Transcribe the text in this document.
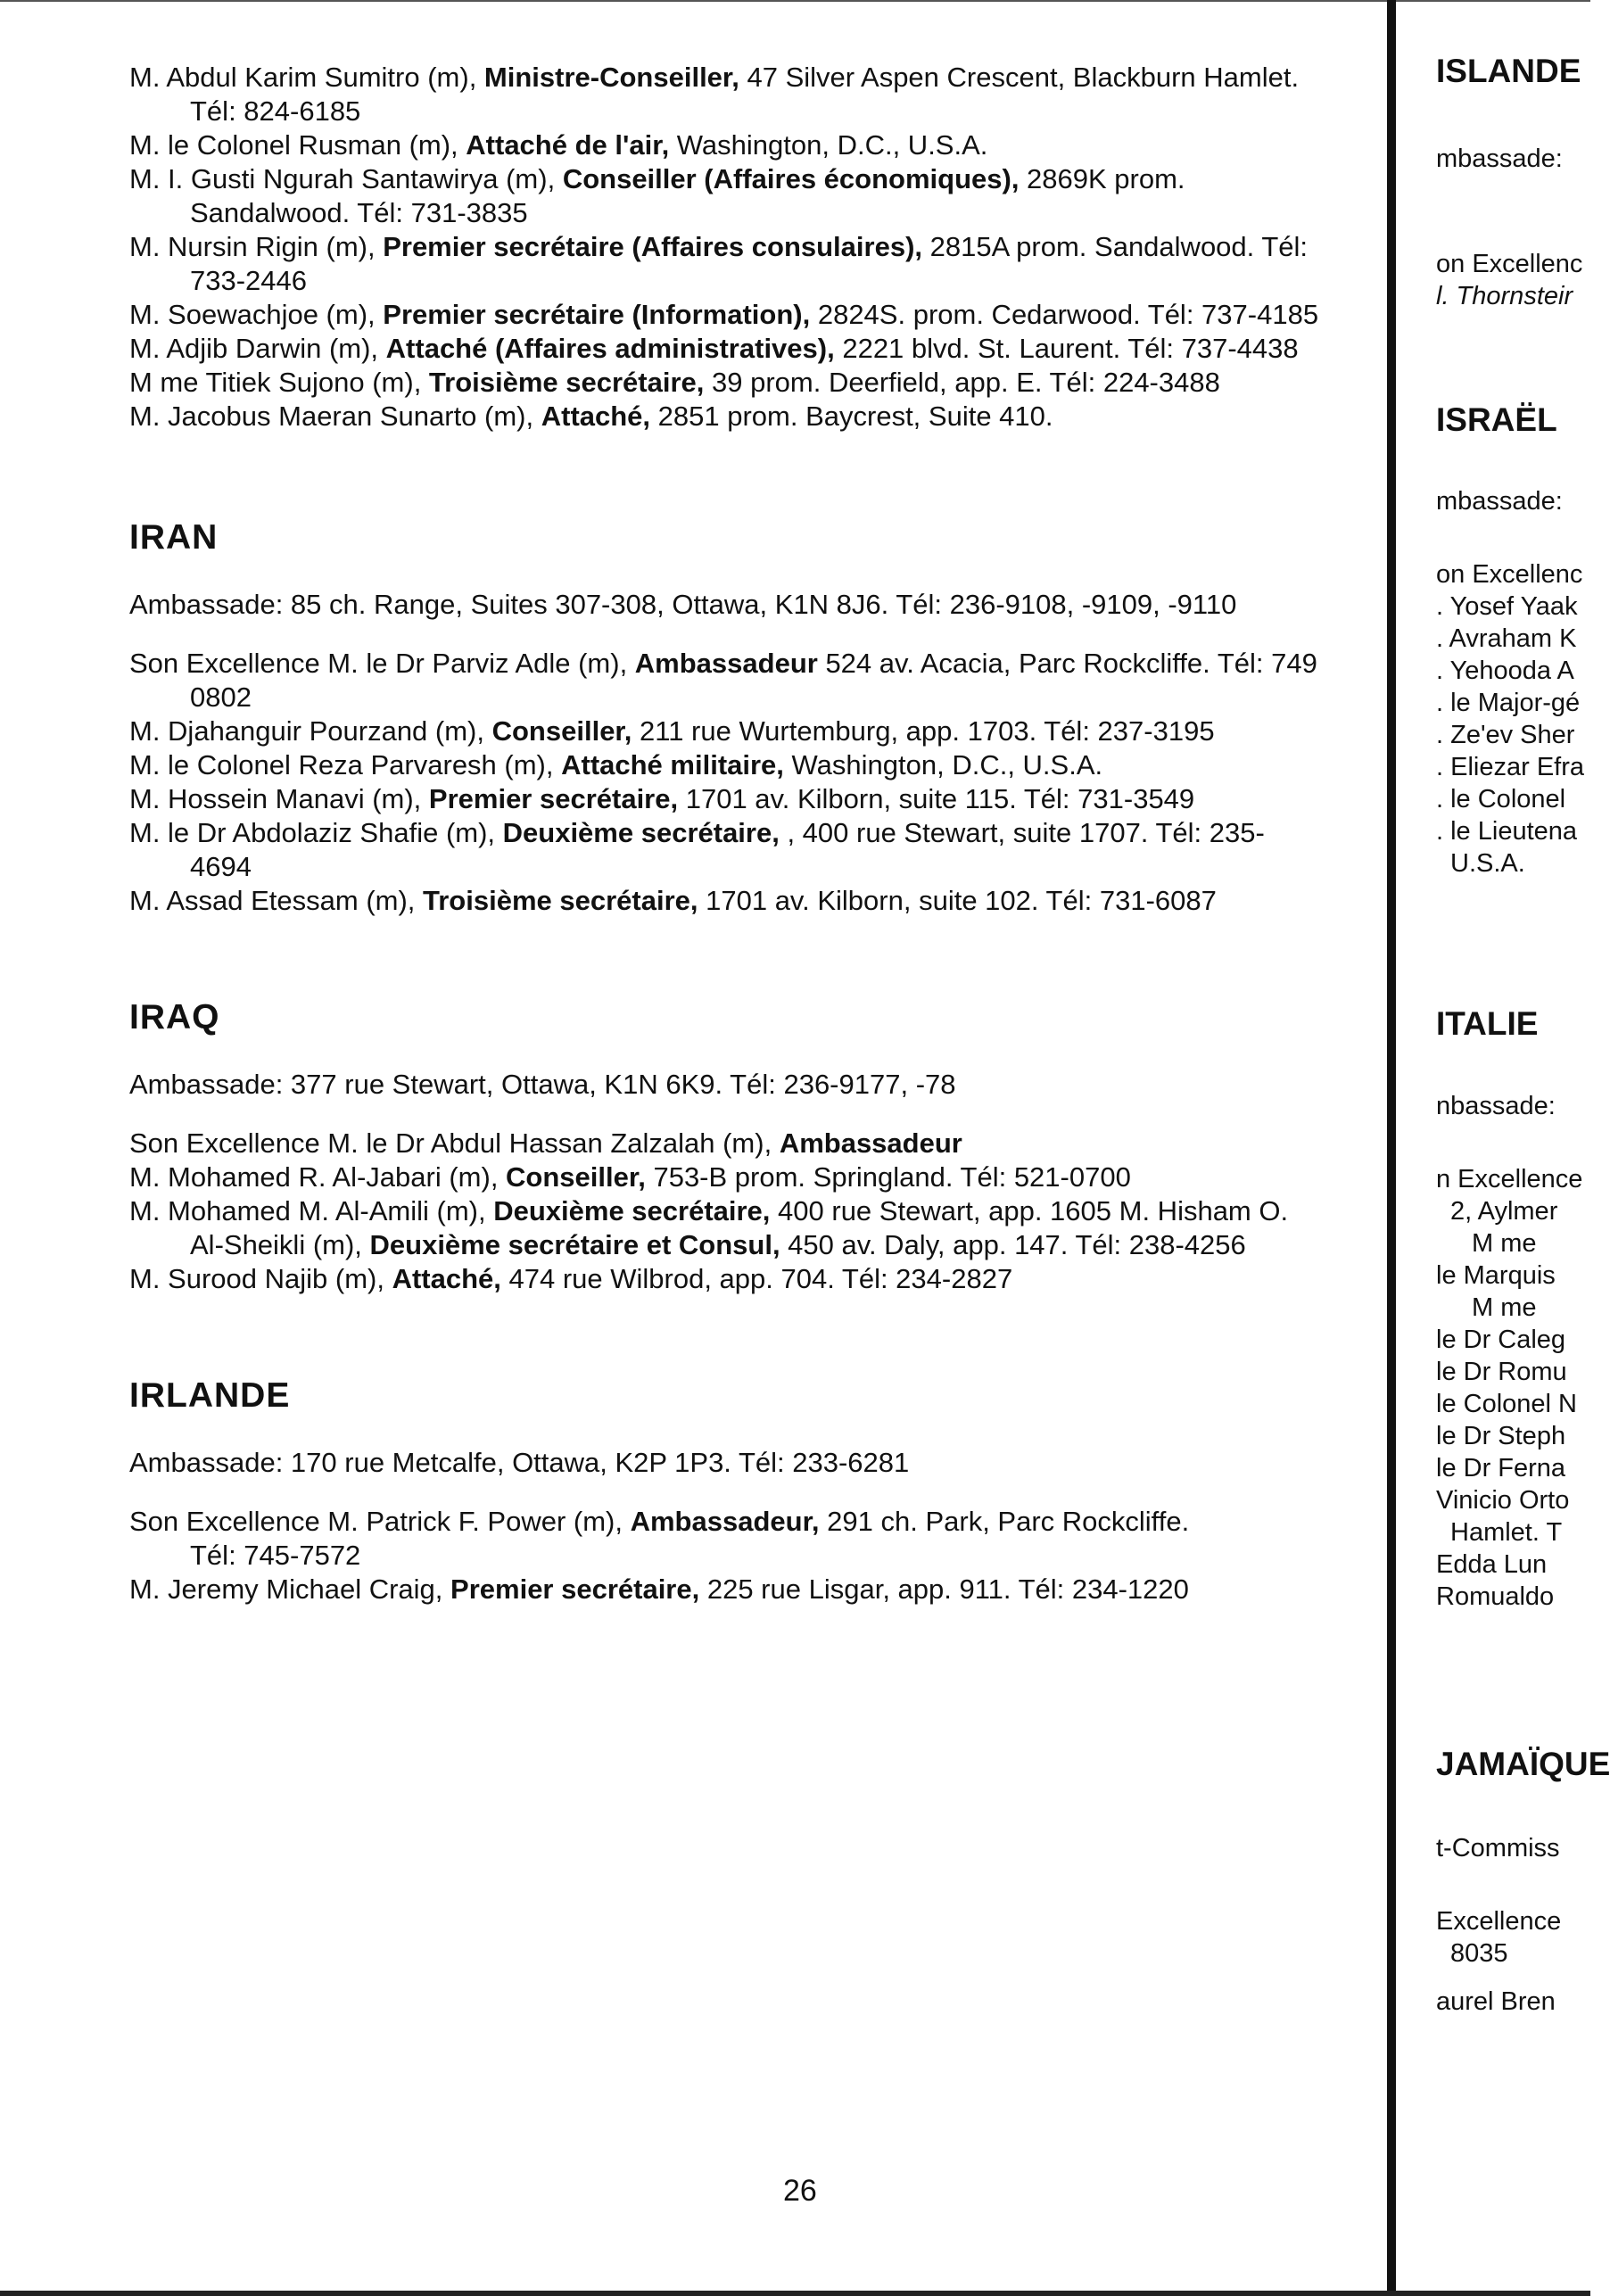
M. Abdul Karim Sumitro (m), Ministre-Conseiller, 47 Silver Aspen Crescent, Blackburn Hamlet.
Tél: 824-6185
M. le Colonel Rusman (m), Attaché de l'air, Washington, D.C., U.S.A.
M. I. Gusti Ngurah Santawirya (m), Conseiller (Affaires économiques), 2869K prom.
Sandalwood. Tél: 731-3835
M. Nursin Rigin (m), Premier secrétaire (Affaires consulaires), 2815A prom. Sandalwood. Tél:
733-2446
M. Soewachjoe (m), Premier secrétaire (Information), 2824S. prom. Cedarwood. Tél: 737-4185
M. Adjib Darwin (m), Attaché (Affaires administratives), 2221 blvd. St. Laurent. Tél: 737-4438
M me Titiek Sujono (m), Troisième secrétaire, 39 prom. Deerfield, app. E. Tél: 224-3488
M. Jacobus Maeran Sunarto (m), Attaché, 2851 prom. Baycrest, Suite 410.
IRAN
Ambassade: 85 ch. Range, Suites 307-308, Ottawa, K1N 8J6. Tél: 236-9108, -9109, -9110
Son Excellence M. le Dr Parviz Adle (m), Ambassadeur 524 av. Acacia, Parc Rockcliffe. Tél: 749
0802
M. Djahanguir Pourzand (m), Conseiller, 211 rue Wurtemburg, app. 1703. Tél: 237-3195
M. le Colonel Reza Parvaresh (m), Attaché militaire, Washington, D.C., U.S.A.
M. Hossein Manavi (m), Premier secrétaire, 1701 av. Kilborn, suite 115. Tél: 731-3549
M. le Dr Abdolaziz Shafie (m), Deuxième secrétaire, , 400 rue Stewart, suite 1707. Tél: 235-
4694
M. Assad Etessam (m), Troisième secrétaire, 1701 av. Kilborn, suite 102. Tél: 731-6087
IRAQ
Ambassade: 377 rue Stewart, Ottawa, K1N 6K9. Tél: 236-9177, -78
Son Excellence M. le Dr Abdul Hassan Zalzalah (m), Ambassadeur
M. Mohamed R. Al-Jabari (m), Conseiller, 753-B prom. Springland. Tél: 521-0700
M. Mohamed M. Al-Amili (m), Deuxième secrétaire, 400 rue Stewart, app. 1605 M. Hisham O.
Al-Sheikli (m), Deuxième secrétaire et Consul, 450 av. Daly, app. 147. Tél: 238-4256
M. Surood Najib (m), Attaché, 474 rue Wilbrod, app. 704. Tél: 234-2827
IRLANDE
Ambassade: 170 rue Metcalfe, Ottawa, K2P 1P3. Tél: 233-6281
Son Excellence M. Patrick F. Power (m), Ambassadeur, 291 ch. Park, Parc Rockcliffe.
Tél: 745-7572
M. Jeremy Michael Craig, Premier secrétaire, 225 rue Lisgar, app. 911. Tél: 234-1220
26
ISLANDE
mbassade:
on Excellenc
l. Thornsteir
ISRAËL
mbassade:
on Excellenc
. Yosef Yaak
. Avraham K
. Yehooda A
. le Major-gé
. Ze'ev Sher
. Eliezar Efra
. le Colonel
. le Lieutena
U.S.A.
ITALIE
nbassade:
n Excellence
2, Aylmer
M me
le Marquis
M me
le Dr Caleg
le Dr Romu
le Colonel N
le Dr Steph
le Dr Ferna
Vinicio Orto
Hamlet. T
Edda Lun
Romualdo
JAMAÏQUE
t-Commiss
Excellence
8035
aurel Bren
